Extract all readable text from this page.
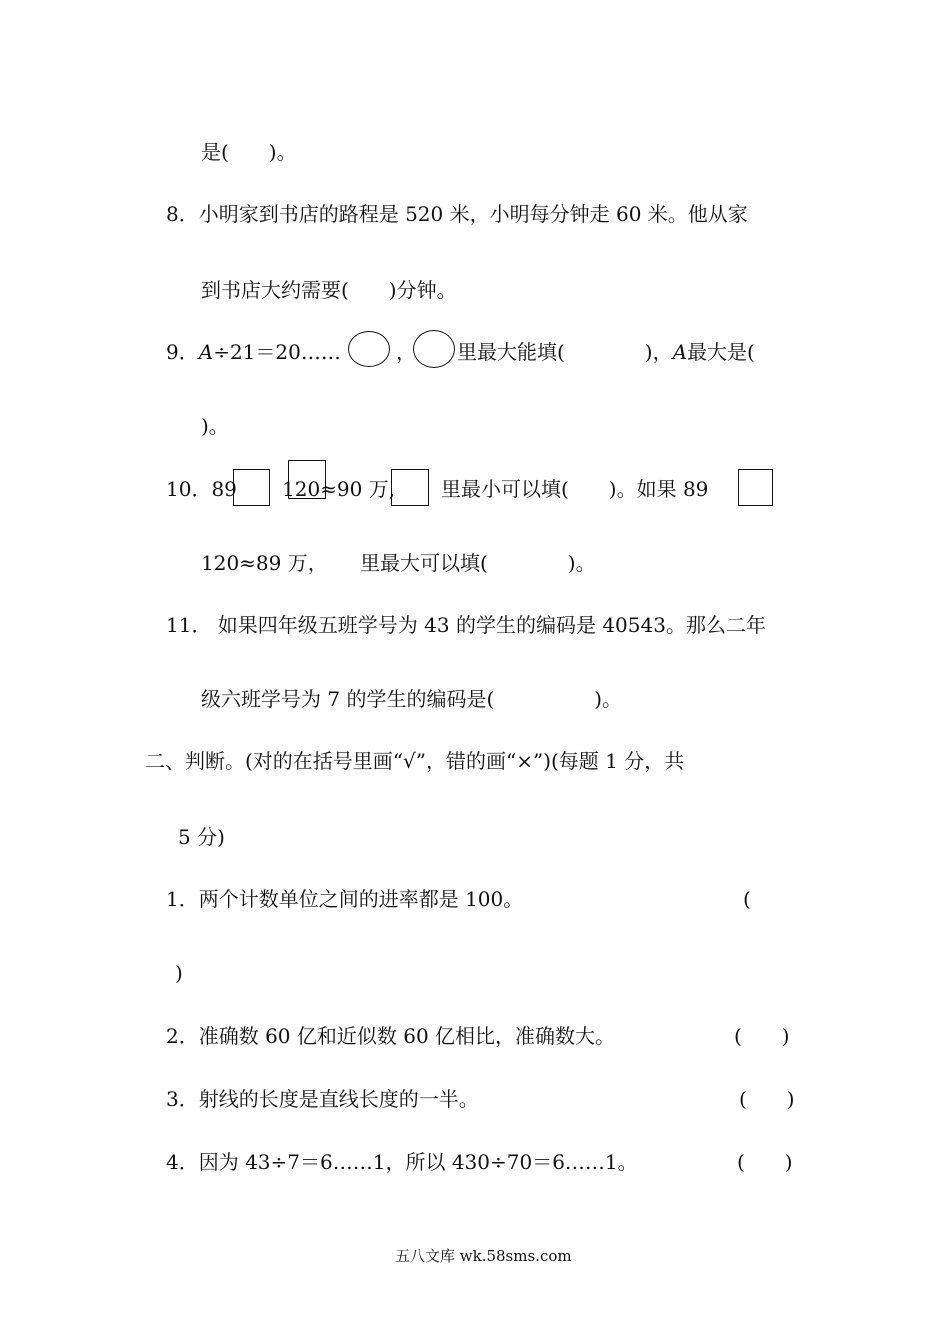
是(　　)。
8．小明家到书店的路程是 520 米，小明每分钟走 60 米。他从家
到书店大约需要(　　)分钟。
9．A÷21＝20……	， 里最大能填(　　　　)，A最大是(
)。
10．89 120≈90 万, 里最小可以填(　　)。如果 89
120≈89 万， 里最大可以填(　　　　)。
11． 如果四年级五班学号为 43 的学生的编码是 40543。那么二年
级六班学号为 7 的学生的编码是(　　　　　)。
二、判断。(对的在括号里画“√”，错的画“×”)(每题 1 分，共
5 分)
1．两个计数单位之间的进率都是 100。	(
)
2．准确数 60 亿和近似数 60 亿相比，准确数大。	(　　)
3．射线的长度是直线长度的一半。	(　　)
4．因为 43÷7＝6……1，所以 430÷70＝6……1。	(　　)
五八文库 wk.58sms.com
